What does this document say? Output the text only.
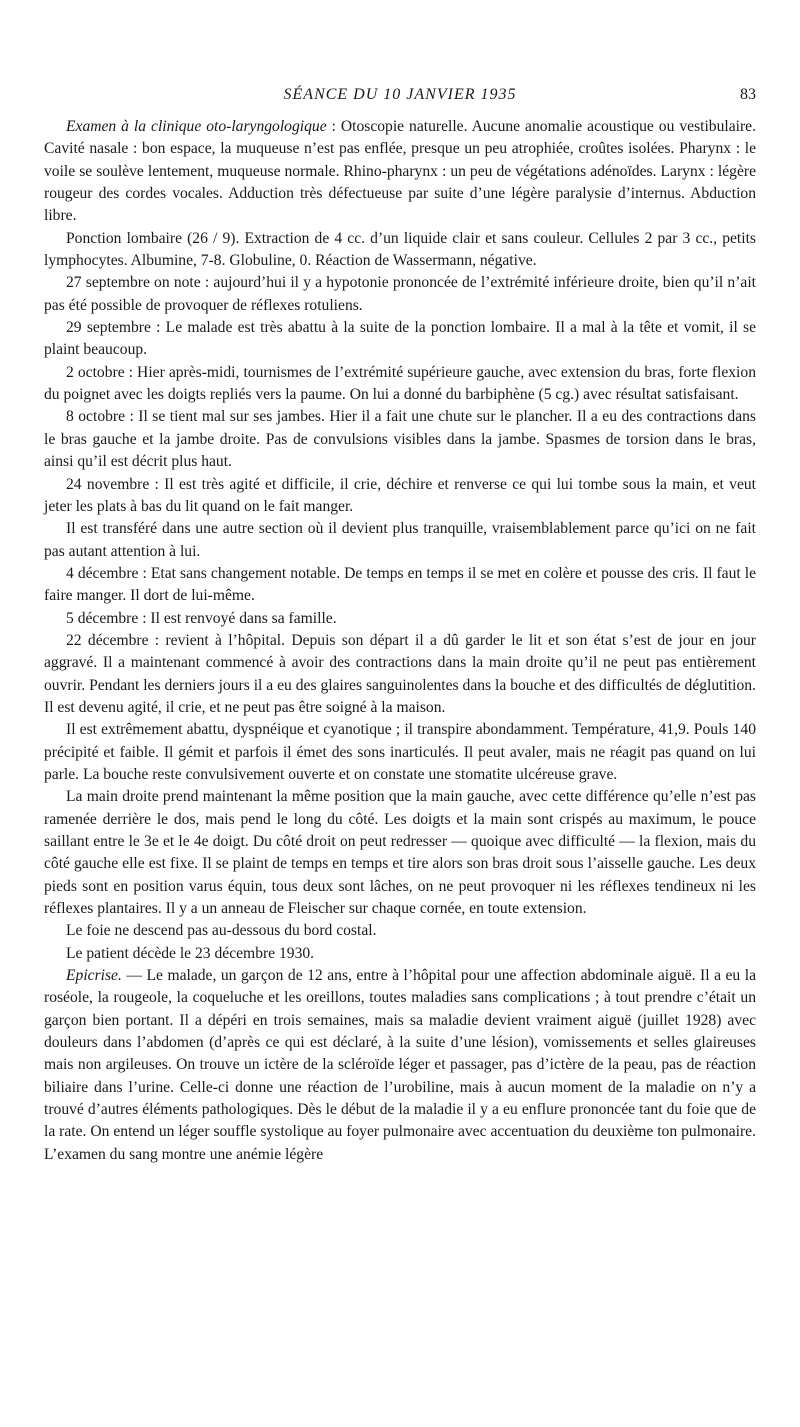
SÉANCE DU 10 JANVIER 1935	83

Examen à la clinique oto-laryngologique : Otoscopie naturelle. Aucune anomalie acoustique ou vestibulaire. Cavité nasale : bon espace, la muqueuse n’est pas enflée, presque un peu atrophiée, croûtes isolées. Pharynx : le voile se soulève lentement, muqueuse normale. Rhino-pharynx : un peu de végétations adénoïdes. Larynx : légère rougeur des cordes vocales. Adduction très défectueuse par suite d’une légère paralysie d’internus. Abduction libre.

Ponction lombaire (26 / 9). Extraction de 4 cc. d’un liquide clair et sans couleur. Cellules 2 par 3 cc., petits lymphocytes. Albumine, 7-8. Globuline, 0. Réaction de Wassermann, négative.

27 septembre on note : aujourd’hui il y a hypotonie prononcée de l’extrémité inférieure droite, bien qu’il n’ait pas été possible de provoquer de réflexes rotuliens.

29 septembre : Le malade est très abattu à la suite de la ponction lombaire. Il a mal à la tête et vomit, il se plaint beaucoup.

2 octobre : Hier après-midi, tournismes de l’extrémité supérieure gauche, avec extension du bras, forte flexion du poignet avec les doigts repliés vers la paume. On lui a donné du barbiphène (5 cg.) avec résultat satisfaisant.

8 octobre : Il se tient mal sur ses jambes. Hier il a fait une chute sur le plancher. Il a eu des contractions dans le bras gauche et la jambe droite. Pas de convulsions visibles dans la jambe. Spasmes de torsion dans le bras, ainsi qu’il est décrit plus haut.

24 novembre : Il est très agité et difficile, il crie, déchire et renverse ce qui lui tombe sous la main, et veut jeter les plats à bas du lit quand on le fait manger.

Il est transféré dans une autre section où il devient plus tranquille, vraisemblablement parce qu’ici on ne fait pas autant attention à lui.

4 décembre : Etat sans changement notable. De temps en temps il se met en colère et pousse des cris. Il faut le faire manger. Il dort de lui-même.

5 décembre : Il est renvoyé dans sa famille.

22 décembre : revient à l’hôpital. Depuis son départ il a dû garder le lit et son état s’est de jour en jour aggravé. Il a maintenant commencé à avoir des contractions dans la main droite qu’il ne peut pas entièrement ouvrir. Pendant les derniers jours il a eu des glaires sanguinolentes dans la bouche et des difficultés de déglutition. Il est devenu agité, il crie, et ne peut pas être soigné à la maison.

Il est extrêmement abattu, dyspnéique et cyanotique ; il transpire abondamment. Température, 41,9. Pouls 140 précipité et faible. Il gémit et parfois il émet des sons inarticulés. Il peut avaler, mais ne réagit pas quand on lui parle. La bouche reste convulsivement ouverte et on constate une stomatite ulcéreuse grave.

La main droite prend maintenant la même position que la main gauche, avec cette différence qu’elle n’est pas ramenée derrière le dos, mais pend le long du côté. Les doigts et la main sont crispés au maximum, le pouce saillant entre le 3e et le 4e doigt. Du côté droit on peut redresser — quoique avec difficulté — la flexion, mais du côté gauche elle est fixe. Il se plaint de temps en temps et tire alors son bras droit sous l’aisselle gauche. Les deux pieds sont en position varus équin, tous deux sont lâches, on ne peut provoquer ni les réflexes tendineux ni les réflexes plantaires. Il y a un anneau de Fleischer sur chaque cornée, en toute extension.

Le foie ne descend pas au-dessous du bord costal.

Le patient décède le 23 décembre 1930.

Epicrise. — Le malade, un garçon de 12 ans, entre à l’hôpital pour une affection abdominale aiguë. Il a eu la roséole, la rougeole, la coqueluche et les oreillons, toutes maladies sans complications ; à tout prendre c’était un garçon bien portant. Il a dépéri en trois semaines, mais sa maladie devient vraiment aiguë (juillet 1928) avec douleurs dans l’abdomen (d’après ce qui est déclaré, à la suite d’une lésion), vomissements et selles glaireuses mais non argileuses. On trouve un ictère de la scléroïde léger et passager, pas d’ictère de la peau, pas de réaction biliaire dans l’urine. Celle-ci donne une réaction de l’urobiline, mais à aucun moment de la maladie on n’y a trouvé d’autres éléments pathologiques. Dès le début de la maladie il y a eu enflure prononcée tant du foie que de la rate. On entend un léger souffle systolique au foyer pulmonaire avec accentuation du deuxième ton pulmonaire. L’examen du sang montre une anémie légère
